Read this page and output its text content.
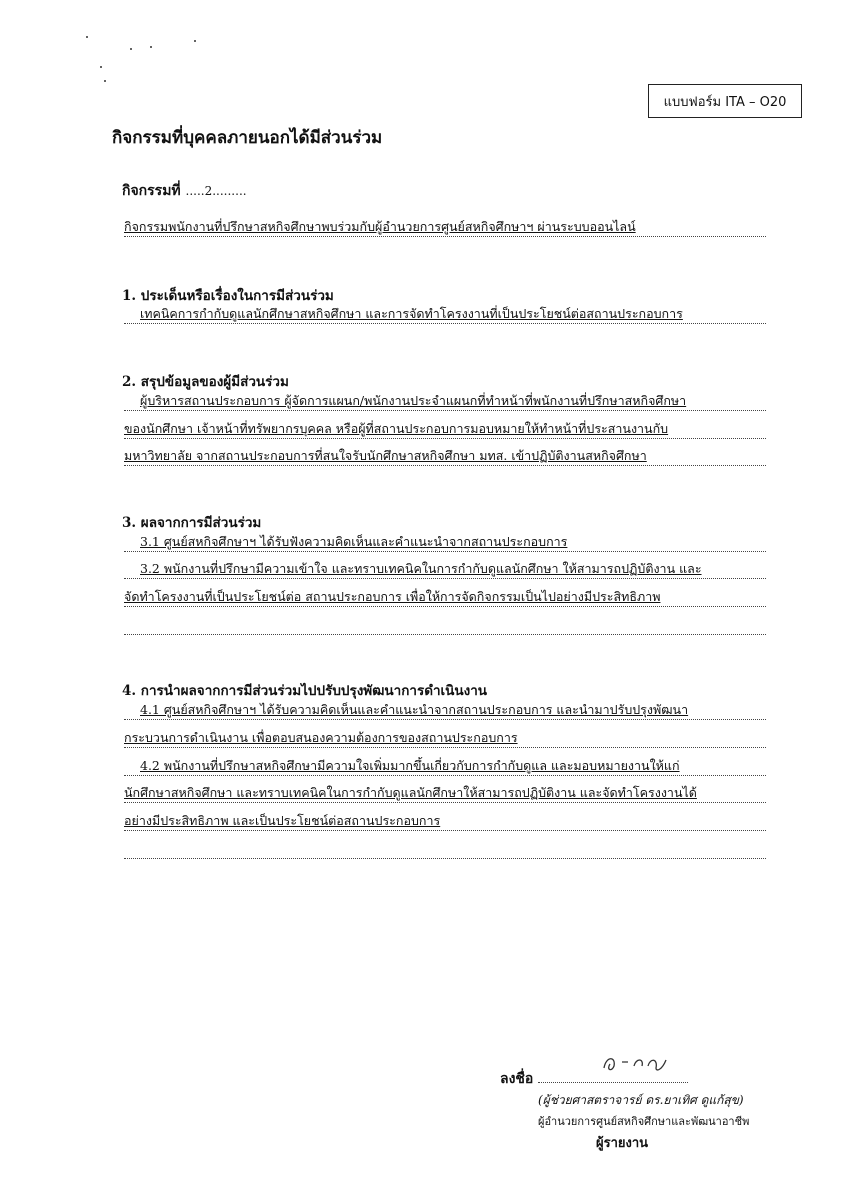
แบบฟอร์ม ITA – O20
กิจกรรมที่บุคคลภายนอกได้มีส่วนร่วม
กิจกรรมที่ .....2.........
กิจกรรมพนักงานที่ปรึกษาสหกิจศึกษาพบร่วมกับผู้อำนวยการศูนย์สหกิจศึกษาฯ ผ่านระบบออนไลน์
1. ประเด็นหรือเรื่องในการมีส่วนร่วม
เทคนิคการกำกับดูแลนักศึกษาสหกิจศึกษา และการจัดทำโครงงานที่เป็นประโยชน์ต่อสถานประกอบการ
2. สรุปข้อมูลของผู้มีส่วนร่วม
ผู้บริหารสถานประกอบการ ผู้จัดการแผนก/พนักงานประจำแผนกที่ทำหน้าที่พนักงานที่ปรึกษาสหกิจศึกษา
ของนักศึกษา เจ้าหน้าที่ทรัพยากรบุคคล หรือผู้ที่สถานประกอบการมอบหมายให้ทำหน้าที่ประสานงานกับ
มหาวิทยาลัย จากสถานประกอบการที่สนใจรับนักศึกษาสหกิจศึกษา มทส. เข้าปฏิบัติงานสหกิจศึกษา
3. ผลจากการมีส่วนร่วม
3.1 ศูนย์สหกิจศึกษาฯ ได้รับฟังความคิดเห็นและคำแนะนำจากสถานประกอบการ
3.2 พนักงานที่ปรึกษามีความเข้าใจ และทราบเทคนิคในการกำกับดูแลนักศึกษา ให้สามารถปฏิบัติงาน และ
จัดทำโครงงานที่เป็นประโยชน์ต่อ สถานประกอบการ เพื่อให้การจัดกิจกรรมเป็นไปอย่างมีประสิทธิภาพ
4. การนำผลจากการมีส่วนร่วมไปปรับปรุงพัฒนาการดำเนินงาน
4.1 ศูนย์สหกิจศึกษาฯ ได้รับความคิดเห็นและคำแนะนำจากสถานประกอบการ และนำมาปรับปรุงพัฒนา
กระบวนการดำเนินงาน เพื่อตอบสนองความต้องการของสถานประกอบการ
4.2 พนักงานที่ปรึกษาสหกิจศึกษามีความใจเพิ่มมากขึ้นเกี่ยวกับการกำกับดูแล และมอบหมายงานให้แก่
นักศึกษาสหกิจศึกษา และทราบเทคนิคในการกำกับดูแลนักศึกษาให้สามารถปฏิบัติงาน และจัดทำโครงงานได้
อย่างมีประสิทธิภาพ และเป็นประโยชน์ต่อสถานประกอบการ
ลงชื่อ
(ผู้ช่วยศาสตราจารย์ ดร.ยาเทิศ ดูแก้สุข)
ผู้อำนวยการศูนย์สหกิจศึกษาและพัฒนาอาชีพ
ผู้รายงาน
